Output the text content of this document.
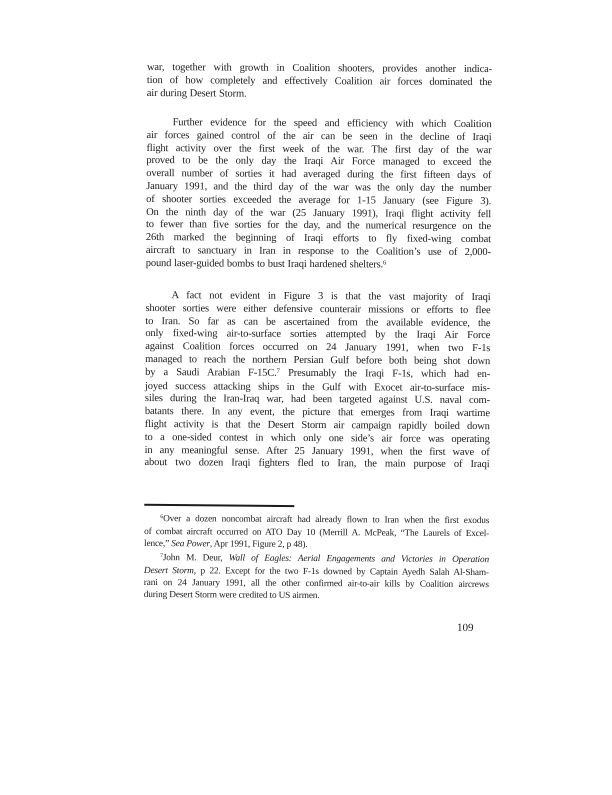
war, together with growth in Coalition shooters, provides another indica-
tion of how completely and effectively Coalition air forces dominated the
air during Desert Storm.
Further evidence for the speed and efficiency with which Coalition
air forces gained control of the air can be seen in the decline of Iraqi
flight activity over the first week of the war. The first day of the war
proved to be the only day the Iraqi Air Force managed to exceed the
overall number of sorties it had averaged during the first fifteen days of
January 1991, and the third day of the war was the only day the number
of shooter sorties exceeded the average for 1-15 January (see Figure 3).
On the ninth day of the war (25 January 1991), Iraqi flight activity fell
to fewer than five sorties for the day, and the numerical resurgence on the
26th marked the beginning of Iraqi efforts to fly fixed-wing combat
aircraft to sanctuary in Iran in response to the Coalition’s use of 2,000-
pound laser-guided bombs to bust Iraqi hardened shelters.$^6$
A fact not evident in Figure 3 is that the vast majority of Iraqi
shooter sorties were either defensive counterair missions or efforts to flee
to Iran. So far as can be ascertained from the available evidence, the
only fixed-wing air-to-surface sorties attempted by the Iraqi Air Force
against Coalition forces occurred on 24 January 1991, when two F-1s
managed to reach the northern Persian Gulf before both being shot down
by a Saudi Arabian F-15C.$^7$ Presumably the Iraqi F-1s, which had en-
joyed success attacking ships in the Gulf with Exocet air-to-surface mis-
siles during the Iran-Iraq war, had been targeted against U.S. naval com-
batants there. In any event, the picture that emerges from Iraqi wartime
flight activity is that the Desert Storm air campaign rapidly boiled down
to a one-sided contest in which only one side’s air force was operating
in any meaningful sense. After 25 January 1991, when the first wave of
about two dozen Iraqi fighters fled to Iran, the main purpose of Iraqi
$^6$Over a dozen noncombat aircraft had already flown to Iran when the first exodus
of combat aircraft occurred on ATO Day 10 (Merrill A. McPeak, “The Laurels of Excel-
lence,” Sea Power, Apr 1991, Figure 2, p 48).
$^7$John M. Deur, Wall of Eagles: Aerial Engagements and Victories in Operation
Desert Storm, p 22. Except for the two F-1s downed by Captain Ayedh Salah Al-Sham-
rani on 24 January 1991, all the other confirmed air-to-air kills by Coalition aircrews
during Desert Storm were credited to US airmen.
109
